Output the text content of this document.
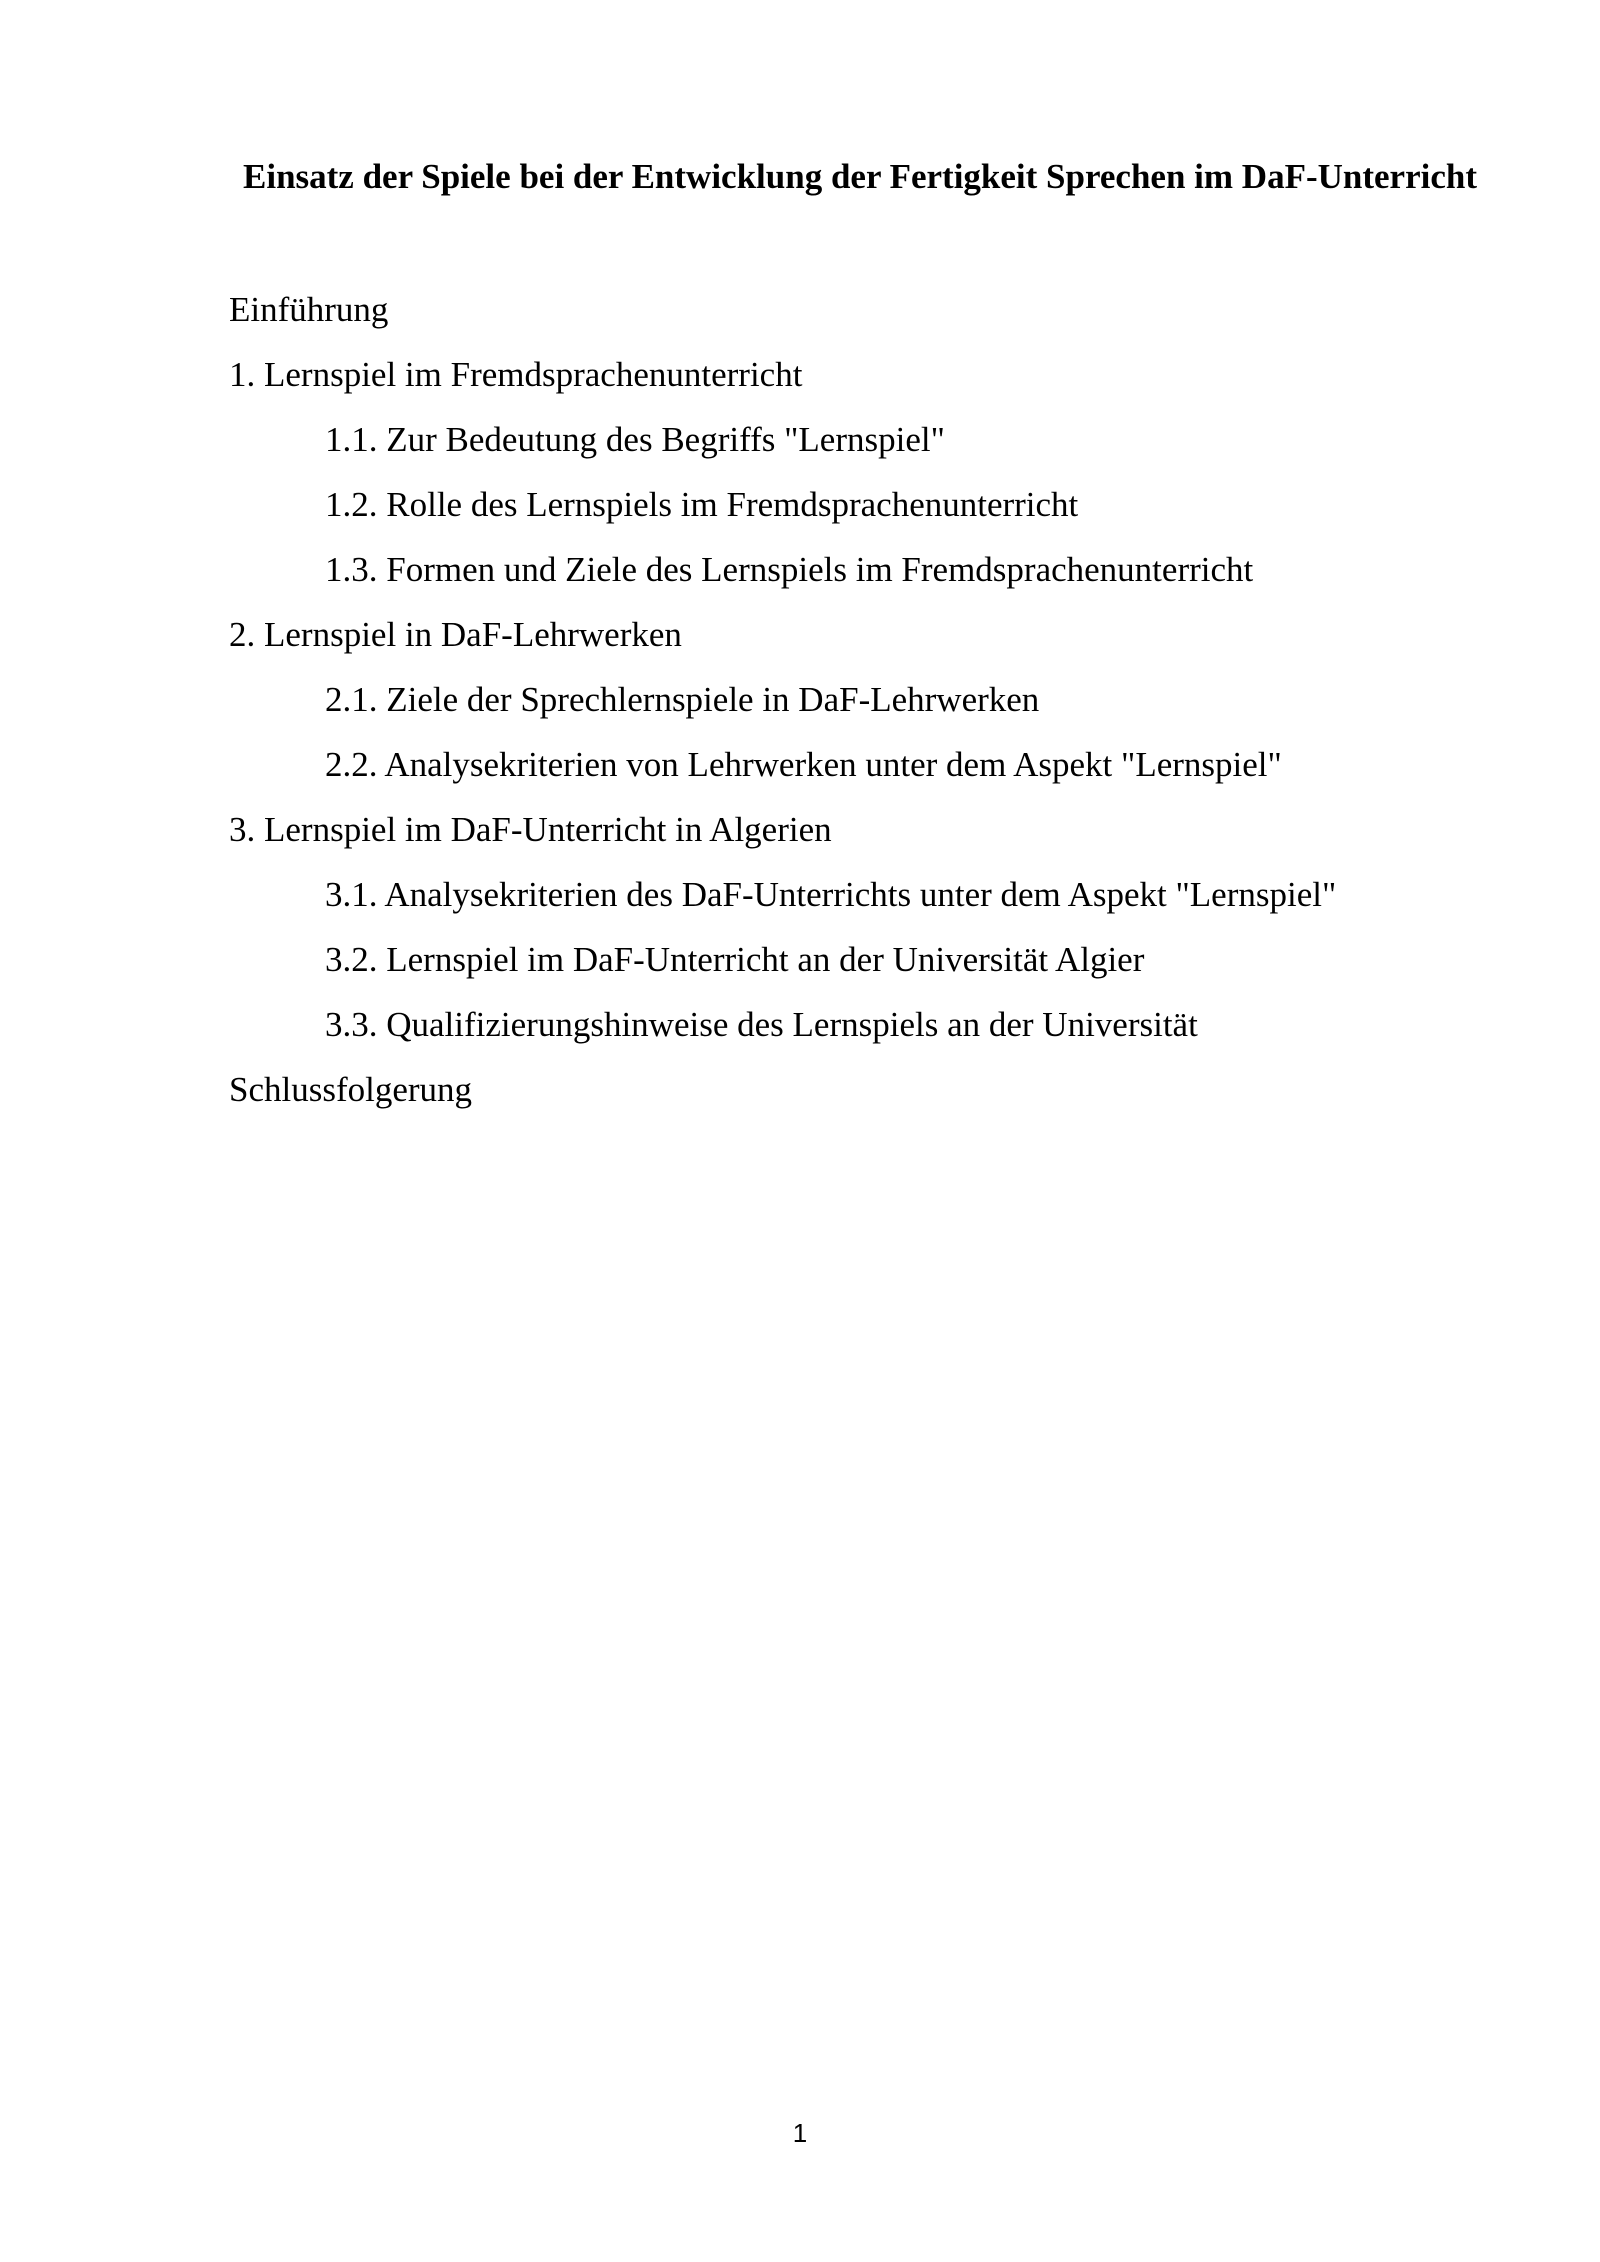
Einsatz der Spiele bei der Entwicklung der Fertigkeit Sprechen im DaF-Unterricht
Einführung
1. Lernspiel im Fremdsprachenunterricht
1.1. Zur Bedeutung des Begriffs "Lernspiel"
1.2. Rolle des Lernspiels im Fremdsprachenunterricht
1.3. Formen und Ziele des Lernspiels im Fremdsprachenunterricht
2. Lernspiel in DaF-Lehrwerken
2.1. Ziele der Sprechlernspiele in DaF-Lehrwerken
2.2. Analysekriterien von Lehrwerken unter dem Aspekt "Lernspiel"
3. Lernspiel im DaF-Unterricht in Algerien
3.1. Analysekriterien des DaF-Unterrichts unter dem Aspekt "Lernspiel"
3.2. Lernspiel im DaF-Unterricht an der Universität Algier
3.3. Qualifizierungshinweise des Lernspiels an der Universität
Schlussfolgerung
1
